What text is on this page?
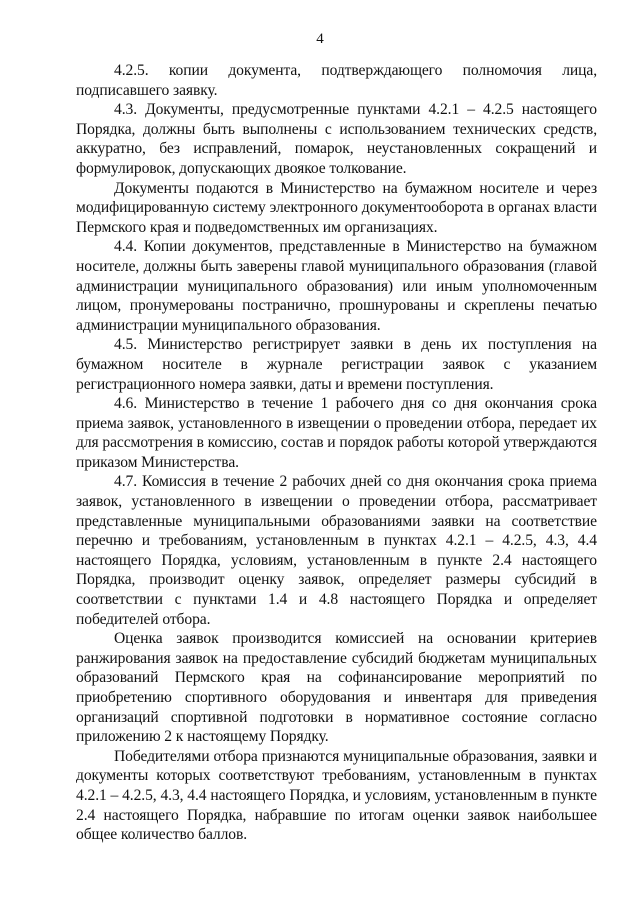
4

4.2.5. копии документа, подтверждающего полномочия лица, подписавшего заявку.

4.3. Документы, предусмотренные пунктами 4.2.1 – 4.2.5 настоящего Порядка, должны быть выполнены с использованием технических средств, аккуратно, без исправлений, помарок, неустановленных сокращений и формулировок, допускающих двоякое толкование.

Документы подаются в Министерство на бумажном носителе и через модифицированную систему электронного документооборота в органах власти Пермского края и подведомственных им организациях.

4.4. Копии документов, представленные в Министерство на бумажном носителе, должны быть заверены главой муниципального образования (главой администрации муниципального образования) или иным уполномоченным лицом, пронумерованы постранично, прошнурованы и скреплены печатью администрации муниципального образования.

4.5. Министерство регистрирует заявки в день их поступления на бумажном носителе в журнале регистрации заявок с указанием регистрационного номера заявки, даты и времени поступления.

4.6. Министерство в течение 1 рабочего дня со дня окончания срока приема заявок, установленного в извещении о проведении отбора, передает их для рассмотрения в комиссию, состав и порядок работы которой утверждаются приказом Министерства.

4.7. Комиссия в течение 2 рабочих дней со дня окончания срока приема заявок, установленного в извещении о проведении отбора, рассматривает представленные муниципальными образованиями заявки на соответствие перечню и требованиям, установленным в пунктах 4.2.1 – 4.2.5, 4.3, 4.4 настоящего Порядка, условиям, установленным в пункте 2.4 настоящего Порядка, производит оценку заявок, определяет размеры субсидий в соответствии с пунктами 1.4 и 4.8 настоящего Порядка и определяет победителей отбора.

Оценка заявок производится комиссией на основании критериев ранжирования заявок на предоставление субсидий бюджетам муниципальных образований Пермского края на софинансирование мероприятий по приобретению спортивного оборудования и инвентаря для приведения организаций спортивной подготовки в нормативное состояние согласно приложению 2 к настоящему Порядку.

Победителями отбора признаются муниципальные образования, заявки и документы которых соответствуют требованиям, установленным в пунктах 4.2.1 – 4.2.5, 4.3, 4.4 настоящего Порядка, и условиям, установленным в пункте 2.4 настоящего Порядка, набравшие по итогам оценки заявок наибольшее общее количество баллов.
